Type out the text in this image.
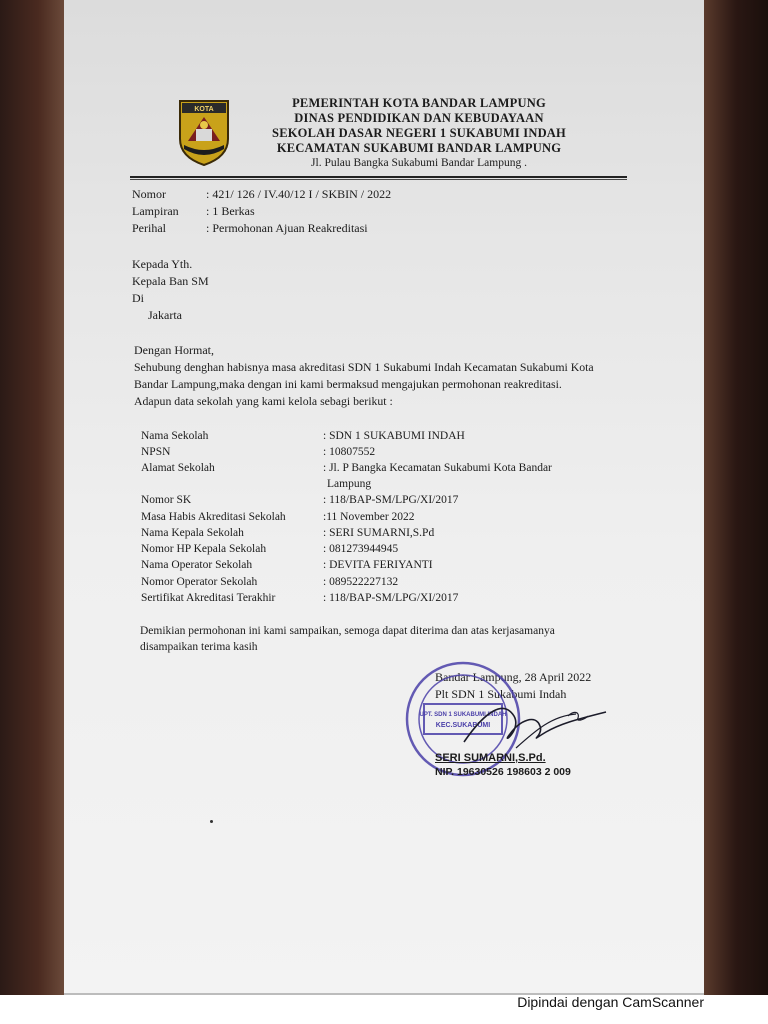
KOTA	PEMERINTAH KOTA BANDAR LAMPUNG
DINAS PENDIDIKAN DAN KEBUDAYAAN
SEKOLAH DASAR NEGERI 1 SUKABUMI INDAH
KECAMATAN SUKABUMI BANDAR LAMPUNG
Jl. Pulau Bangka Sukabumi Bandar Lampung .
Nomor	: 421/ 126 / IV.40/12 I / SKBIN / 2022
Lampiran	: 1 Berkas
Perihal	: Permohonan Ajuan Reakreditasi
Kepada Yth.
Kepala Ban SM
Di
Jakarta
Dengan Hormat,
Sehubung denghan habisnya masa akreditasi SDN 1 Sukabumi Indah Kecamatan Sukabumi Kota
Bandar Lampung,maka dengan ini kami bermaksud mengajukan permohonan reakreditasi.
Adapun data sekolah yang kami kelola sebagi berikut :
Nama Sekolah	: SDN 1 SUKABUMI INDAH
NPSN	: 10807552
Alamat Sekolah	: Jl. P Bangka Kecamatan Sukabumi Kota Bandar
Lampung
Nomor SK	: 118/BAP-SM/LPG/XI/2017
Masa Habis Akreditasi Sekolah	:11 November 2022
Nama Kepala Sekolah	: SERI SUMARNI,S.Pd
Nomor HP Kepala Sekolah	: 081273944945
Nama Operator Sekolah	: DEVITA FERIYANTI
Nomor Operator Sekolah	: 089522227132
Sertifikat Akreditasi Terakhir	: 118/BAP-SM/LPG/XI/2017
Demikian permohonan ini kami sampaikan, semoga dapat diterima dan atas kerjasamanya
disampaikan terima kasih
Bandar Lampung, 28 April 2022
Plt SDN 1 Sukabumi Indah
UPT. SDN 1 SUKABUMI INDAH
KEC.SUKABUMI
SERI SUMARNI,S.Pd.
NIP. 19630526 198603 2 009
Dipindai dengan CamScanner
